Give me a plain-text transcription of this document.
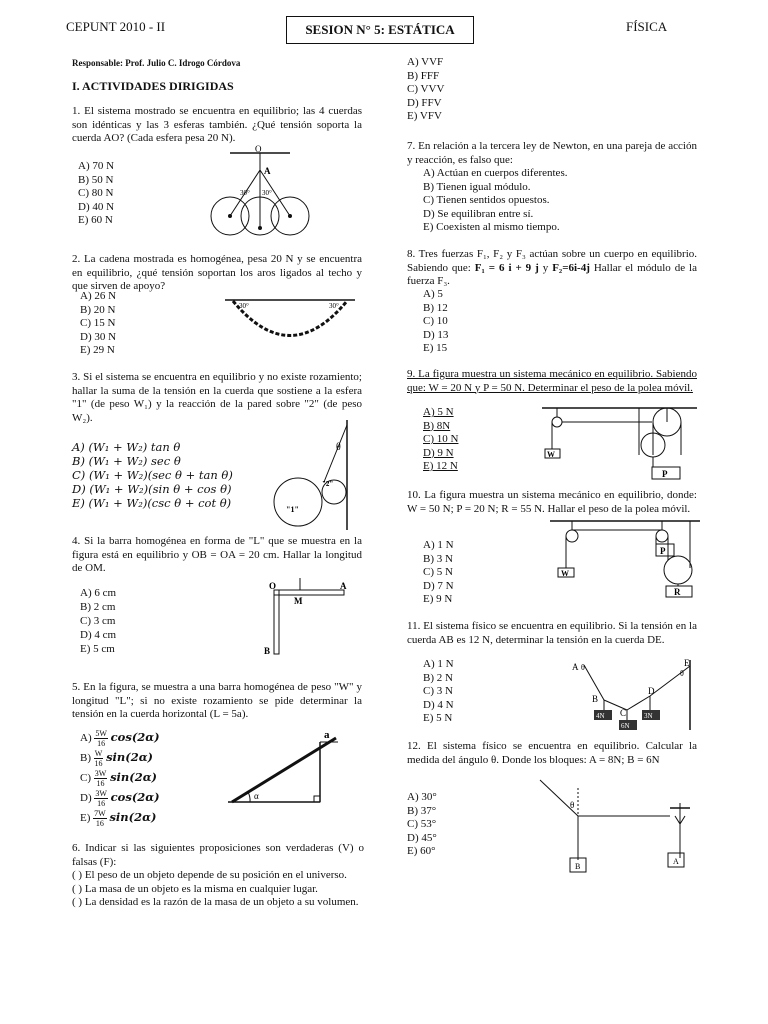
CEPUNT 2010 - II	SESION N° 5: ESTÁTICA	FÍSICA
Responsable: Prof. Julio C. Idrogo Córdova
I. ACTIVIDADES DIRIGIDAS
1. El sistema mostrado se encuentra en equilibrio; las 4 cuerdas son idénticas y las 3 esferas también. ¿Qué tensión soporta la cuerda AO? (Cada esfera pesa 20 N).
A) 70 N
B) 50 N
C) 80 N
D) 40 N
E) 60 N
O
A
30° 30°
2. La cadena mostrada es homogénea, pesa 20 N y se encuentra en equilibrio, ¿qué tensión soportan los aros ligados al techo y que sirven de apoyo?
A) 26 N
B) 20 N
C) 15 N
D) 30 N
E) 29 N
30°	30°
3. Si el sistema se encuentra en equilibrio y no existe rozamiento; hallar la suma de la tensión en la cuerda que sostiene a la esfera "1" (de peso W₁) y la reacción de la pared sobre "2" (de peso W₂).
A) (W₁ + W₂) tan θ
B) (W₁ + W₂) sec θ
C) (W₁ + W₂)(sec θ + tan θ)
D) (W₁ + W₂)(sin θ + cos θ)
E) (W₁ + W₂)(csc θ + cot θ)
θ
"1"
"2"
4. Si la barra homogénea en forma de "L" que se muestra en la figura está en equilibrio y OB = OA = 20 cm. Hallar la longitud de OM.
A) 6 cm
B) 2 cm
C) 3 cm
D) 4 cm
E) 5 cm
O	A
M
B
5. En la figura, se muestra a una barra homogénea de peso "W" y longitud "L"; si no existe rozamiento se pide determinar la tensión en la cuerda horizontal (L = 5a).
$A) \frac{5W}{16} \cos(2\alpha)$
$B) \frac{W}{16} \sin(2\alpha)$
$C) \frac{3W}{16} \sin(2\alpha)$
$D) \frac{3W}{16} \cos(2\alpha)$
$E) \frac{7W}{16} \sin(2\alpha)$
α
a
6. Indicar si las siguientes proposiciones son verdaderas (V) o falsas (F):
( ) El peso de un objeto depende de su posición en el universo.
( ) La masa de un objeto es la misma en cualquier lugar.
( ) La densidad es la razón de la masa de un objeto a su volumen.
A) VVF
B) FFF
C) VVV
D) FFV
E) VFV
7. En relación a la tercera ley de Newton, en una pareja de acción y reacción, es falso que:
A) Actúan en cuerpos diferentes.
B) Tienen igual módulo.
C) Tienen sentidos opuestos.
D) Se equilibran entre sí.
E) Coexisten al mismo tiempo.
8. Tres fuerzas F₁, F₂ y F₃ actúan sobre un cuerpo en equilibrio. Sabiendo que: F₁ = 6 i + 9 j y F₂=6i-4j Hallar el módulo de la fuerza F₃.
A) 5
B) 12
C) 10
D) 13
E) 15
9. La figura muestra un sistema mecánico en equilibrio. Sabiendo que: W = 20 N y P = 50 N. Determinar el peso de la polea móvil.
A) 5 N
B) 8N
C) 10 N
D) 9 N
E) 12 N
W
P
10. La figura muestra un sistema mecánico en equilibrio, donde: W = 50 N; P = 20 N; R = 55 N. Hallar el peso de la polea móvil.
A) 1 N
B) 3 N
C) 5 N
D) 7 N
E) 9 N
W
P
R
11. El sistema físico se encuentra en equilibrio. Si la tensión en la cuerda AB es 12 N, determinar la tensión en la cuerda DE.
A) 1 N
B) 2 N
C) 3 N
D) 4 N
E) 5 N
A θ	E
θ
B
C
D
4N
6N
3N
12. El sistema físico se encuentra en equilibrio. Calcular la medida del ángulo θ. Donde los bloques: A = 8N; B = 6N
A) 30°
B) 37°
C) 53°
D) 45°
E) 60°
θ
B
A
